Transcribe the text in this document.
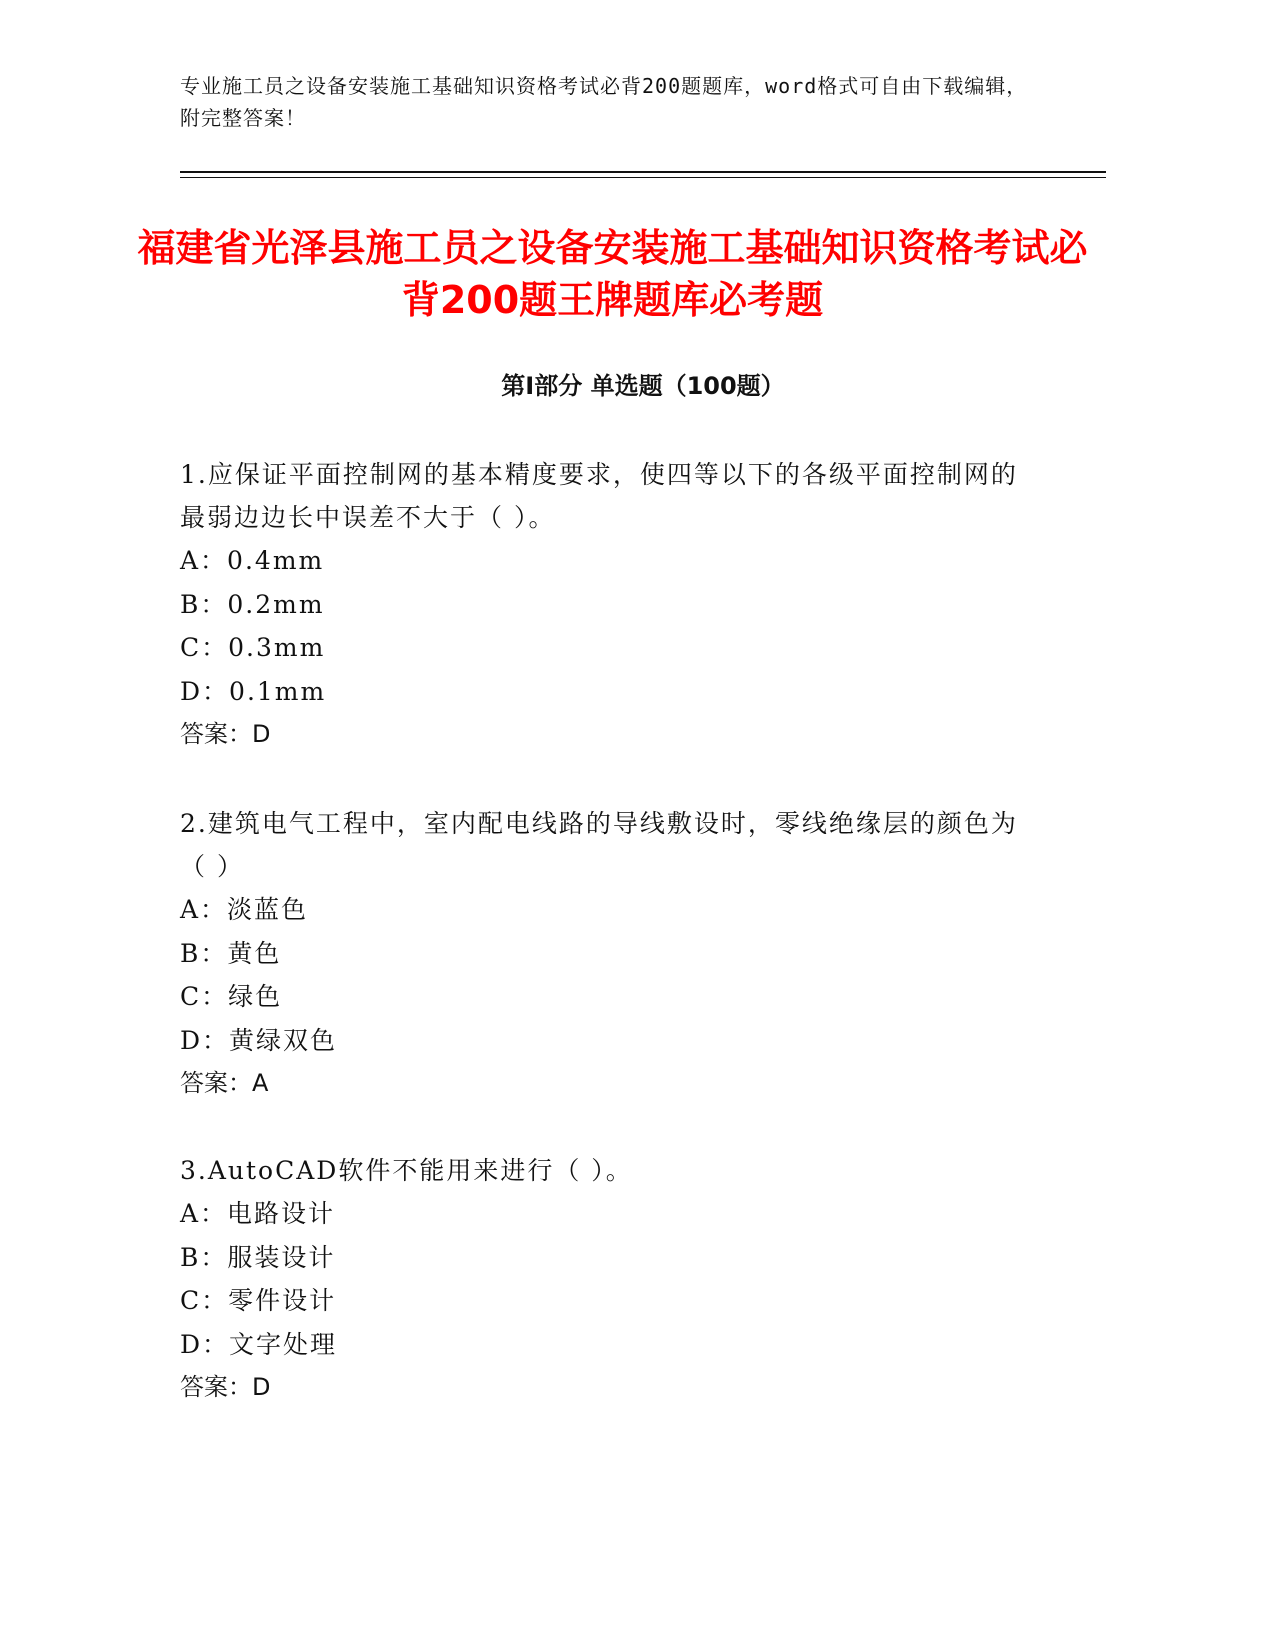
专业施工员之设备安装施工基础知识资格考试必背200题题库，word格式可自由下载编辑，附完整答案！
福建省光泽县施工员之设备安装施工基础知识资格考试必背200题王牌题库必考题
第I部分 单选题（100题）

1.应保证平面控制网的基本精度要求，使四等以下的各级平面控制网的最弱边边长中误差不大于（ ）。

A：0.4mm

B：0.2mm

C：0.3mm

D：0.1mm

答案：D

2.建筑电气工程中，室内配电线路的导线敷设时，零线绝缘层的颜色为（ ）

A：淡蓝色

B：黄色

C：绿色

D：黄绿双色

答案：A

3.AutoCAD软件不能用来进行（ ）。

A：电路设计

B：服装设计

C：零件设计

D：文字处理

答案：D
